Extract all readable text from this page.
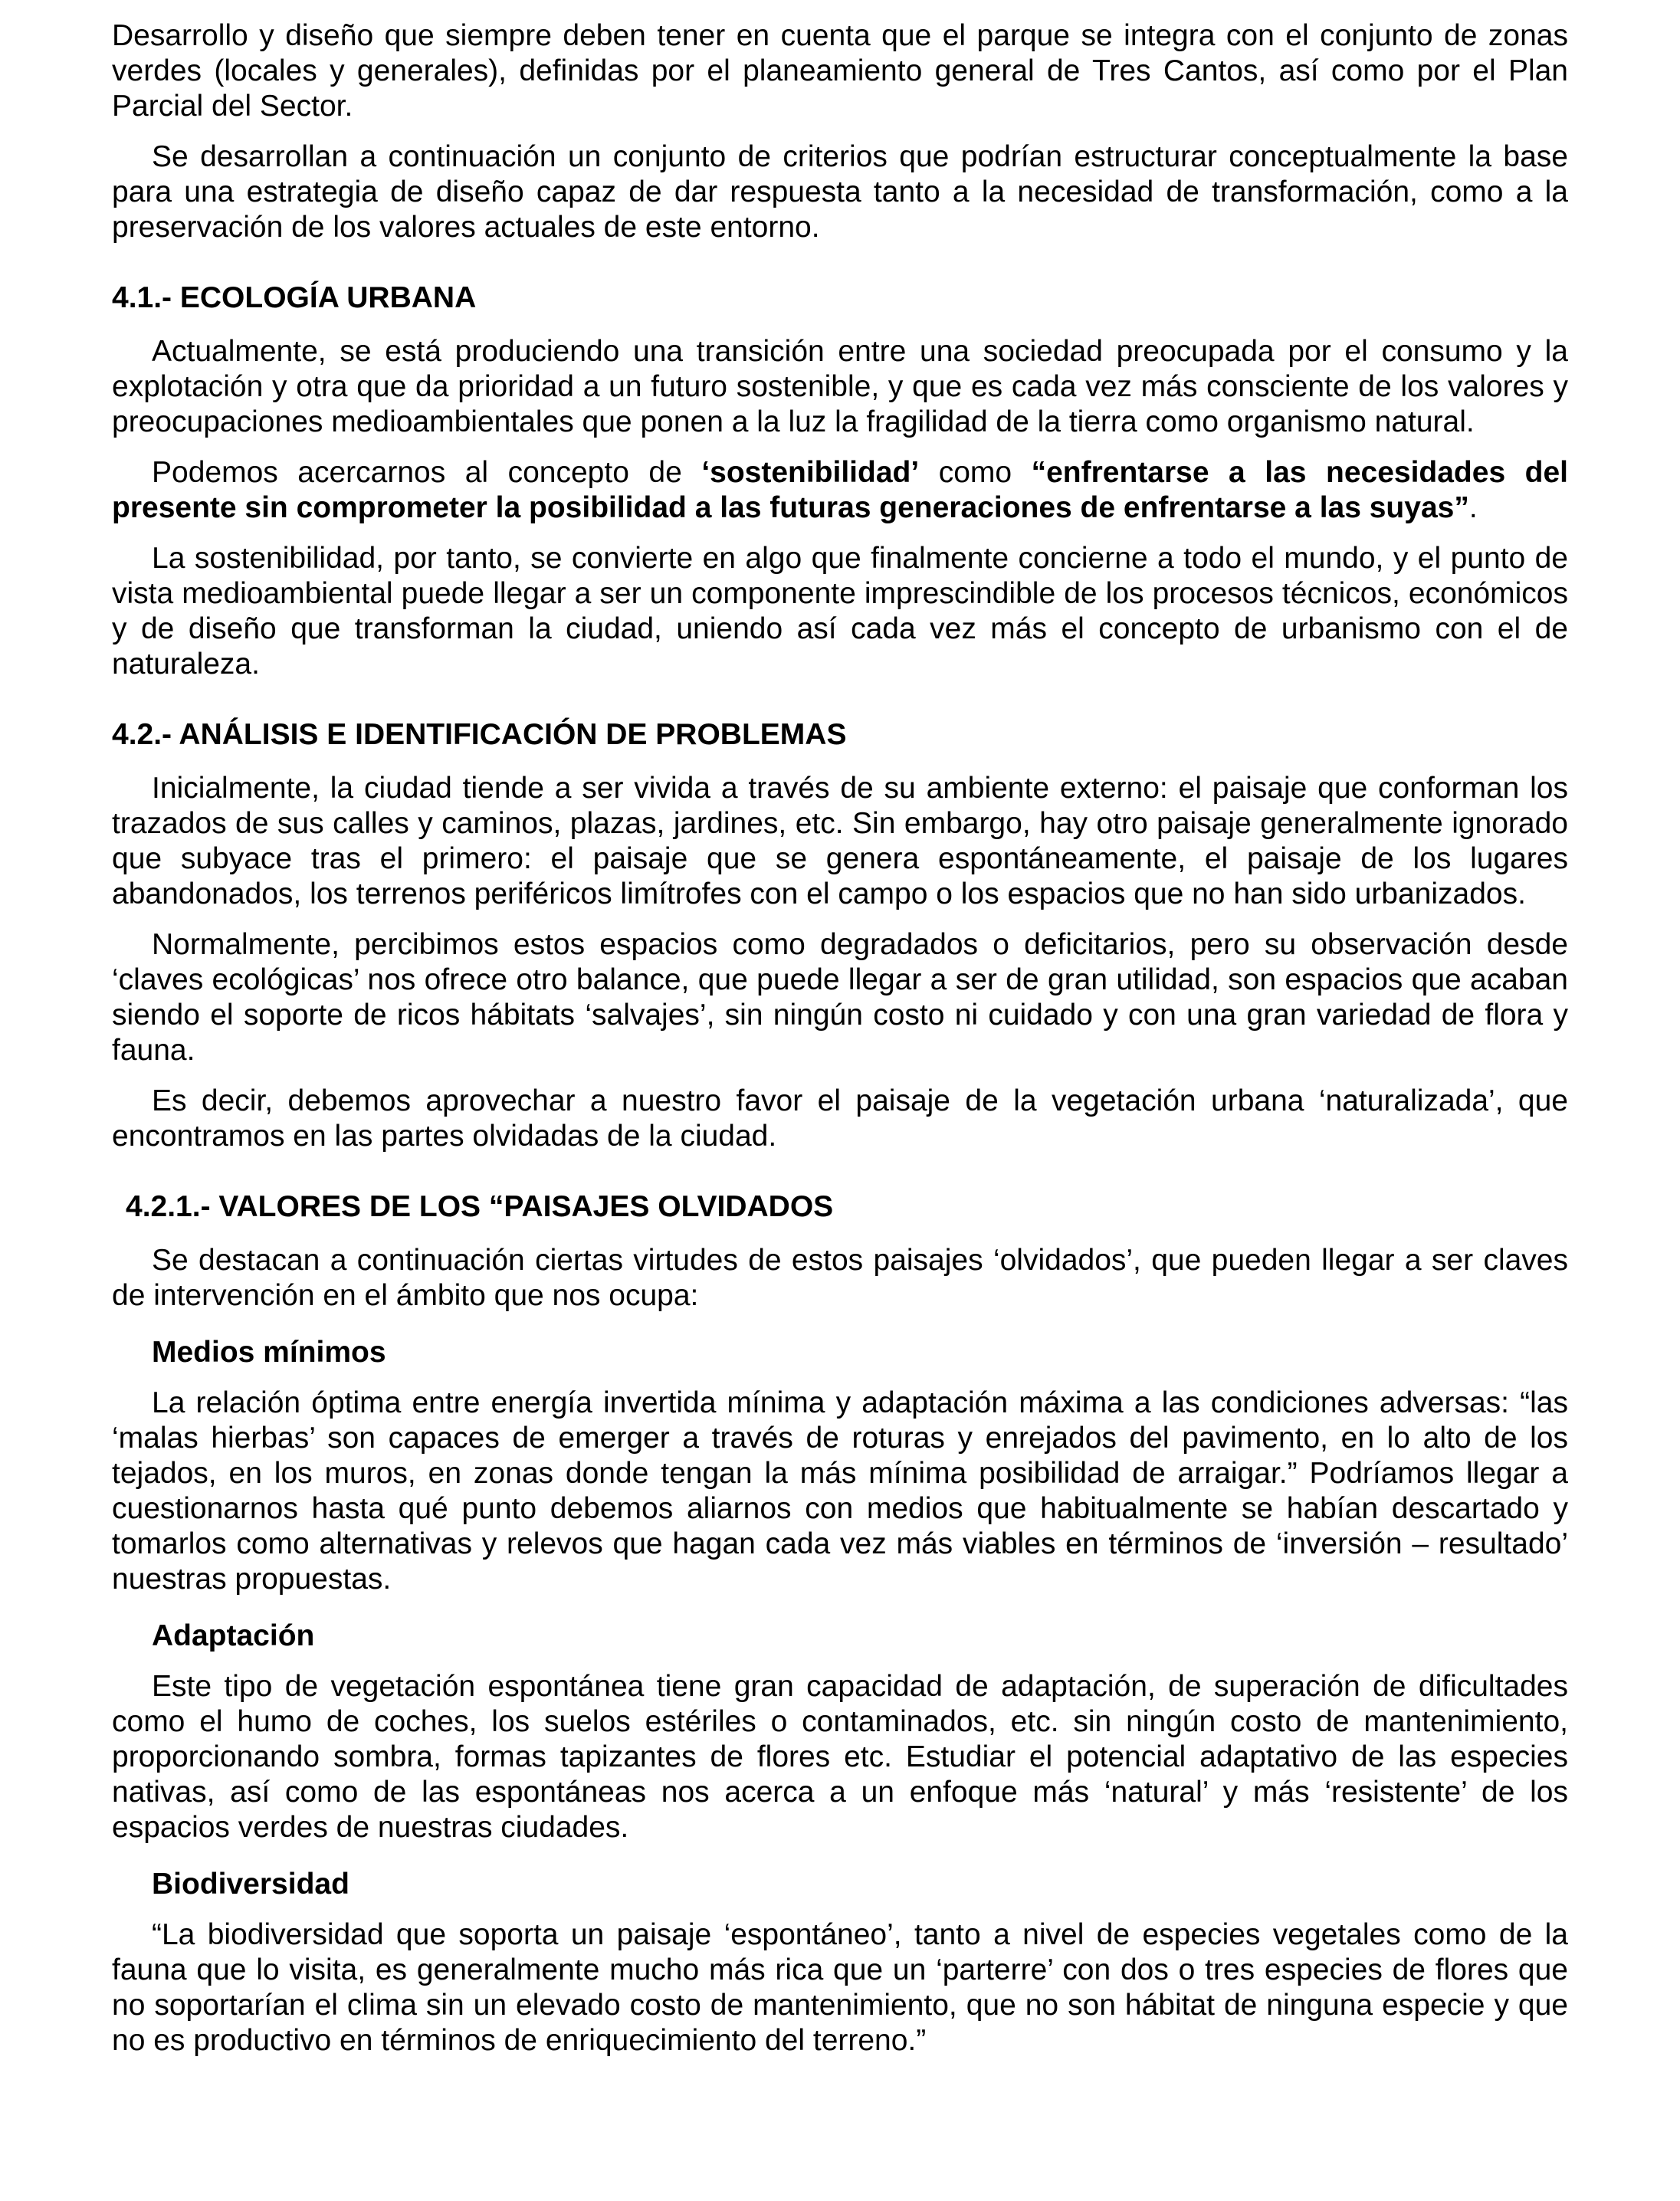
Desarrollo y diseño que siempre deben tener en cuenta que el parque se integra con el conjunto de zonas verdes (locales y generales), definidas por el planeamiento general de Tres Cantos, así como por el Plan Parcial del Sector.

Se desarrollan a continuación un conjunto de criterios que podrían estructurar conceptualmente la base para una estrategia de diseño capaz de dar respuesta tanto a la necesidad de transformación, como a la preservación de los valores actuales de este entorno.

4.1.- ECOLOGÍA URBANA

Actualmente, se está produciendo una transición entre una sociedad preocupada por el consumo y la explotación y otra que da prioridad a un futuro sostenible, y que es cada vez más consciente de los valores y preocupaciones medioambientales que ponen a la luz la fragilidad de la tierra como organismo natural.

Podemos acercarnos al concepto de ‘sostenibilidad’ como “enfrentarse a las necesidades del presente sin comprometer la posibilidad a las futuras generaciones de enfrentarse a las suyas”.

La sostenibilidad, por tanto, se convierte en algo que finalmente concierne a todo el mundo, y el punto de vista medioambiental puede llegar a ser un componente imprescindible de los procesos técnicos, económicos y de diseño que transforman la ciudad, uniendo así cada vez más el concepto de urbanismo con el de naturaleza.

4.2.- ANÁLISIS E IDENTIFICACIÓN DE PROBLEMAS

Inicialmente, la ciudad tiende a ser vivida a través de su ambiente externo: el paisaje que conforman los trazados de sus calles y caminos, plazas, jardines, etc. Sin embargo, hay otro paisaje generalmente ignorado que subyace tras el primero: el paisaje que se genera espontáneamente, el paisaje de los lugares abandonados, los terrenos periféricos limítrofes con el campo o los espacios que no han sido urbanizados.

Normalmente, percibimos estos espacios como degradados o deficitarios, pero su observación desde ‘claves ecológicas’ nos ofrece otro balance, que puede llegar a ser de gran utilidad, son espacios que acaban siendo el soporte de ricos hábitats ‘salvajes’, sin ningún costo ni cuidado y con una gran variedad de flora y fauna.

Es decir, debemos aprovechar a nuestro favor el paisaje de la vegetación urbana ‘naturalizada’, que encontramos en las partes olvidadas de la ciudad.

4.2.1.- VALORES DE LOS “PAISAJES OLVIDADOS

Se destacan a continuación ciertas virtudes de estos paisajes ‘olvidados’, que pueden llegar a ser claves de intervención en el ámbito que nos ocupa:

Medios mínimos

La relación óptima entre energía invertida mínima y adaptación máxima a las condiciones adversas: “las ‘malas hierbas’ son capaces de emerger a través de roturas y enrejados del pavimento, en lo alto de los tejados, en los muros, en zonas donde tengan la más mínima posibilidad de arraigar.” Podríamos llegar a cuestionarnos hasta qué punto debemos aliarnos con medios que habitualmente se habían descartado y tomarlos como alternativas y relevos que hagan cada vez más viables en términos de ‘inversión – resultado’ nuestras propuestas.

Adaptación

Este tipo de vegetación espontánea tiene gran capacidad de adaptación, de superación de dificultades como el humo de coches, los suelos estériles o contaminados, etc. sin ningún costo de mantenimiento, proporcionando sombra, formas tapizantes de flores etc. Estudiar el potencial adaptativo de las especies nativas, así como de las espontáneas nos acerca a un enfoque más ‘natural’ y más ‘resistente’ de los espacios verdes de nuestras ciudades.

Biodiversidad

“La biodiversidad que soporta un paisaje ‘espontáneo’, tanto a nivel de especies vegetales como de la fauna que lo visita, es generalmente mucho más rica que un ‘parterre’ con dos o tres especies de flores que no soportarían el clima sin un elevado costo de mantenimiento, que no son hábitat de ninguna especie y que no es productivo en términos de enriquecimiento del terreno.”
